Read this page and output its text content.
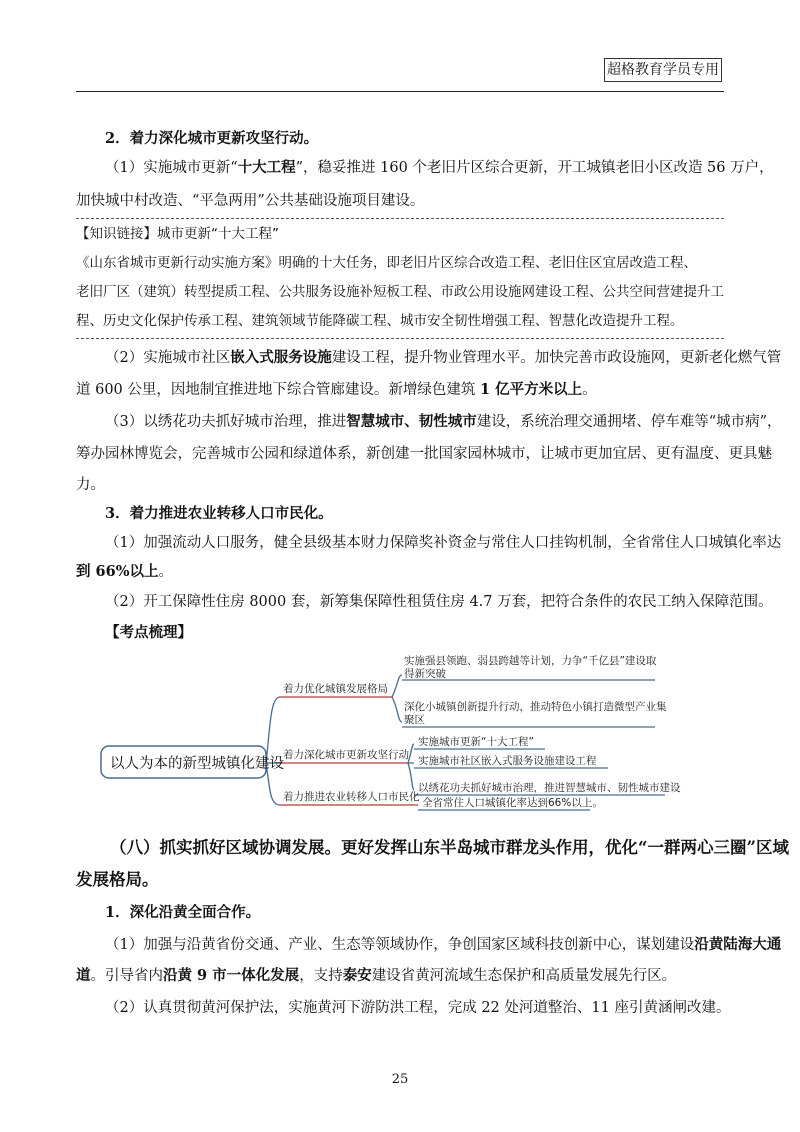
超格教育学员专用
2．着力深化城市更新攻坚行动。
（1）实施城市更新“十大工程”，稳妥推进 160 个老旧片区综合更新，开工城镇老旧小区改造 56 万户，
加快城中村改造、“平急两用”公共基础设施项目建设。
【知识链接】城市更新“十大工程”
《山东省城市更新行动实施方案》明确的十大任务，即老旧片区综合改造工程、老旧住区宜居改造工程、
老旧厂区（建筑）转型提质工程、公共服务设施补短板工程、市政公用设施网建设工程、公共空间营建提升工
程、历史文化保护传承工程、建筑领域节能降碳工程、城市安全韧性增强工程、智慧化改造提升工程。
（2）实施城市社区嵌入式服务设施建设工程，提升物业管理水平。加快完善市政设施网，更新老化燃气管
道 600 公里，因地制宜推进地下综合管廊建设。新增绿色建筑 1 亿平方米以上。
（3）以绣花功夫抓好城市治理，推进智慧城市、韧性城市建设，系统治理交通拥堵、停车难等“城市病”，
筹办园林博览会，完善城市公园和绿道体系，新创建一批国家园林城市，让城市更加宜居、更有温度、更具魅
力。
3．着力推进农业转移人口市民化。
（1）加强流动人口服务，健全县级基本财力保障奖补资金与常住人口挂钩机制，全省常住人口城镇化率达
到 66%以上。
（2）开工保障性住房 8000 套，新筹集保障性租赁住房 4.7 万套，把符合条件的农民工纳入保障范围。
【考点梳理】
以人为本的新型城镇化建设
着力优化城镇发展格局
着力深化城市更新攻坚行动
着力推进农业转移人口市民化
实施强县领跑、弱县跨越等计划，力争“千亿县”建设取
得新突破
深化小城镇创新提升行动，推动特色小镇打造微型产业集
聚区
实施城市更新“十大工程”
实施城市社区嵌入式服务设施建设工程
以绣花功夫抓好城市治理，推进智慧城市、韧性城市建设
全省常住人口城镇化率达到66%以上。
（八）抓实抓好区域协调发展。更好发挥山东半岛城市群龙头作用，优化“一群两心三圈”区域
发展格局。
1．深化沿黄全面合作。
（1）加强与沿黄省份交通、产业、生态等领域协作，争创国家区域科技创新中心，谋划建设沿黄陆海大通
道。引导省内沿黄 9 市一体化发展，支持泰安建设省黄河流域生态保护和高质量发展先行区。
（2）认真贯彻黄河保护法，实施黄河下游防洪工程，完成 22 处河道整治、11 座引黄涵闸改建。
25
